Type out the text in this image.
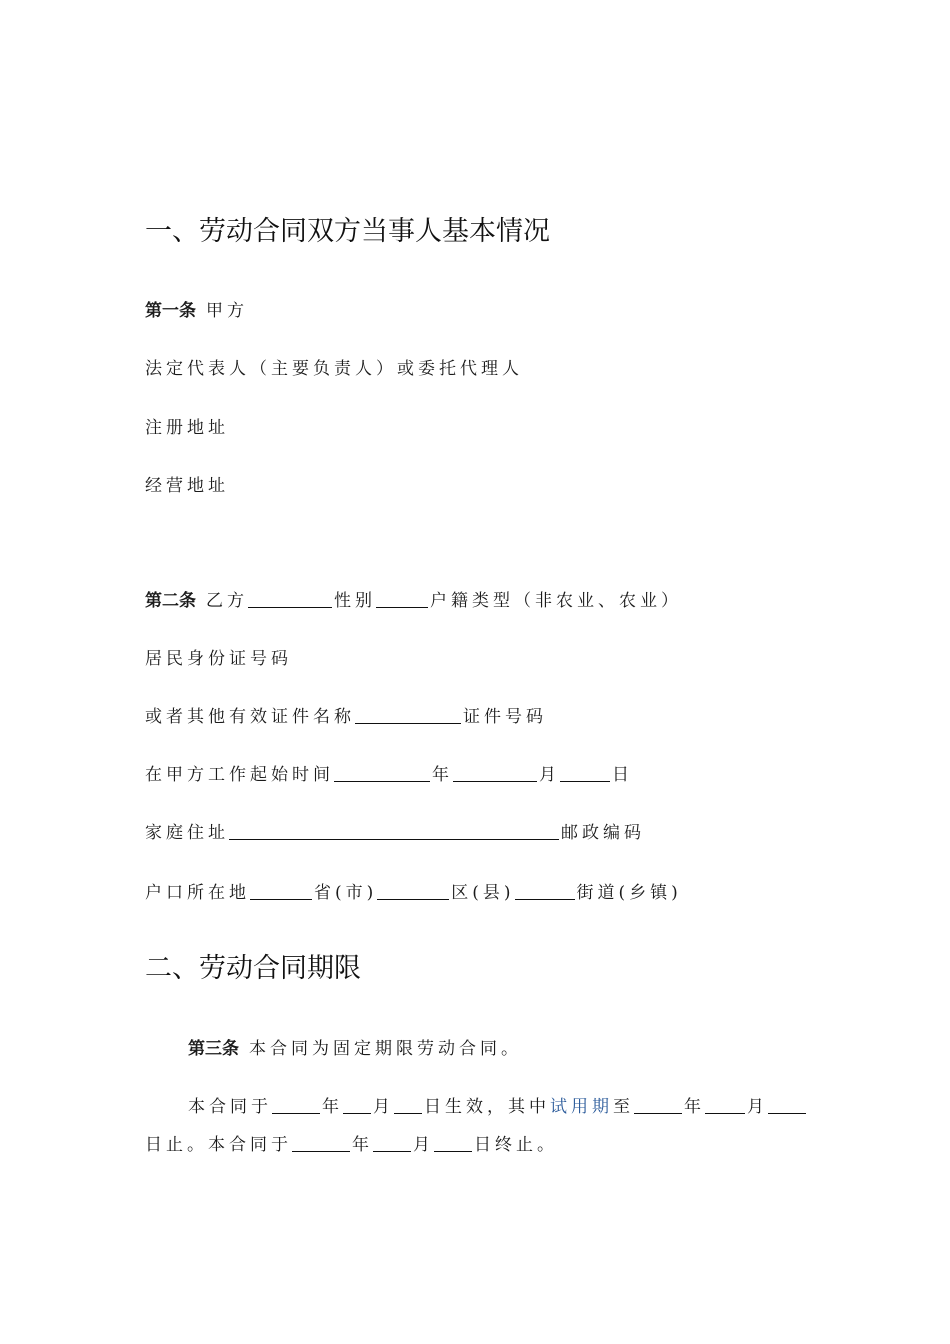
一、劳动合同双方当事人基本情况
第一条 甲方
法定代表人（主要负责人）或委托代理人
注册地址
经营地址
第二条 乙方	性别	户籍类型（非农业、农业）
居民身份证号码
或者其他有效证件名称	证件号码
在甲方工作起始时间	年	月	日
家庭住址	邮政编码
户口所在地	省(市)	区(县)	街道(乡镇)
二、劳动合同期限
第三条 本合同为固定期限劳动合同。
本合同于	年 月 日生效，其中试用期至	年 月
日止。本合同于	年 月 日终止。
